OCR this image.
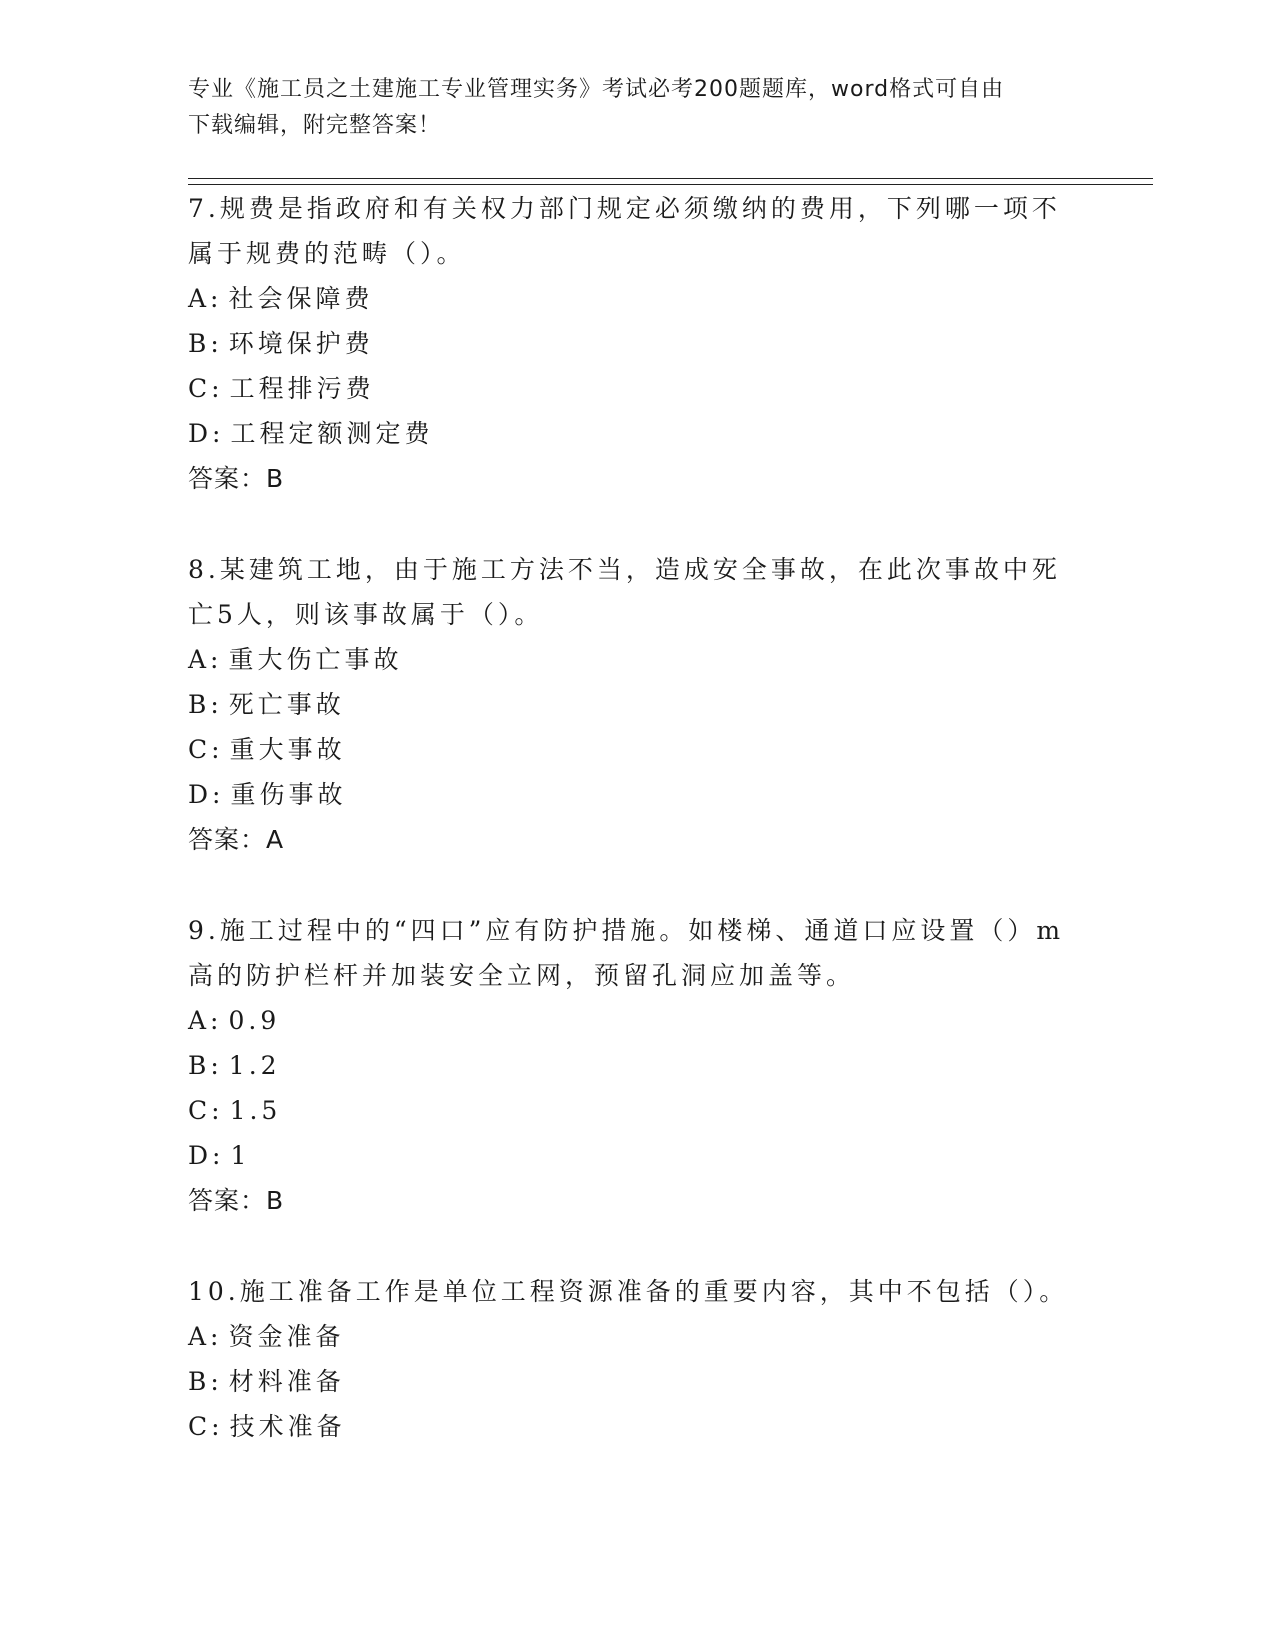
专业《施工员之土建施工专业管理实务》考试必考200题题库，word格式可自由
下载编辑，附完整答案！
7.规费是指政府和有关权力部门规定必须缴纳的费用，下列哪一项不
属于规费的范畴（）。
A: 社会保障费
B: 环境保护费
C: 工程排污费
D: 工程定额测定费
答案：B
8.某建筑工地，由于施工方法不当，造成安全事故，在此次事故中死
亡5人，则该事故属于（）。
A: 重大伤亡事故
B: 死亡事故
C: 重大事故
D: 重伤事故
答案：A
9.施工过程中的“四口”应有防护措施。如楼梯、通道口应设置（）m
高的防护栏杆并加装安全立网，预留孔洞应加盖等。
A: 0.9
B: 1.2
C: 1.5
D: 1
答案：B
10.施工准备工作是单位工程资源准备的重要内容，其中不包括（）。
A: 资金准备
B: 材料准备
C: 技术准备
